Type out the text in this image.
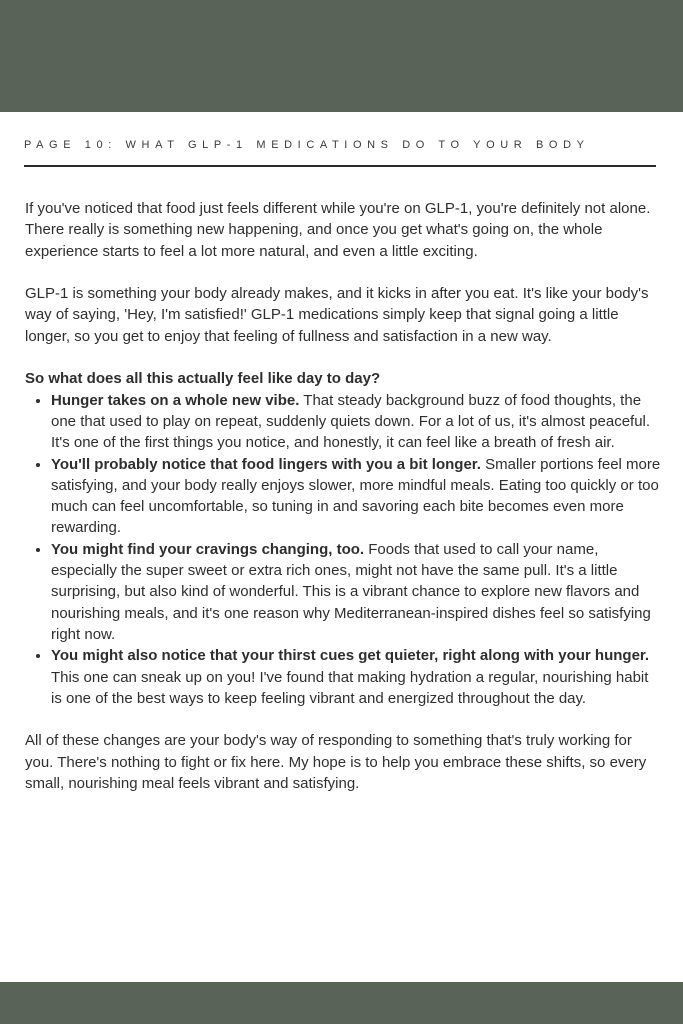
PAGE 10: WHAT GLP-1 MEDICATIONS DO TO YOUR BODY

If you've noticed that food just feels different while you're on GLP-1, you're definitely not alone. There really is something new happening, and once you get what's going on, the whole experience starts to feel a lot more natural, and even a little exciting.

GLP-1 is something your body already makes, and it kicks in after you eat. It's like your body's way of saying, 'Hey, I'm satisfied!' GLP-1 medications simply keep that signal going a little longer, so you get to enjoy that feeling of fullness and satisfaction in a new way.

So what does all this actually feel like day to day?

• Hunger takes on a whole new vibe. That steady background buzz of food thoughts, the one that used to play on repeat, suddenly quiets down. For a lot of us, it's almost peaceful. It's one of the first things you notice, and honestly, it can feel like a breath of fresh air.
• You'll probably notice that food lingers with you a bit longer. Smaller portions feel more satisfying, and your body really enjoys slower, more mindful meals. Eating too quickly or too much can feel uncomfortable, so tuning in and savoring each bite becomes even more rewarding.
• You might find your cravings changing, too. Foods that used to call your name, especially the super sweet or extra rich ones, might not have the same pull. It's a little surprising, but also kind of wonderful. This is a vibrant chance to explore new flavors and nourishing meals, and it's one reason why Mediterranean-inspired dishes feel so satisfying right now.
• You might also notice that your thirst cues get quieter, right along with your hunger. This one can sneak up on you! I've found that making hydration a regular, nourishing habit is one of the best ways to keep feeling vibrant and energized throughout the day.

All of these changes are your body's way of responding to something that's truly working for you. There's nothing to fight or fix here. My hope is to help you embrace these shifts, so every small, nourishing meal feels vibrant and satisfying.
